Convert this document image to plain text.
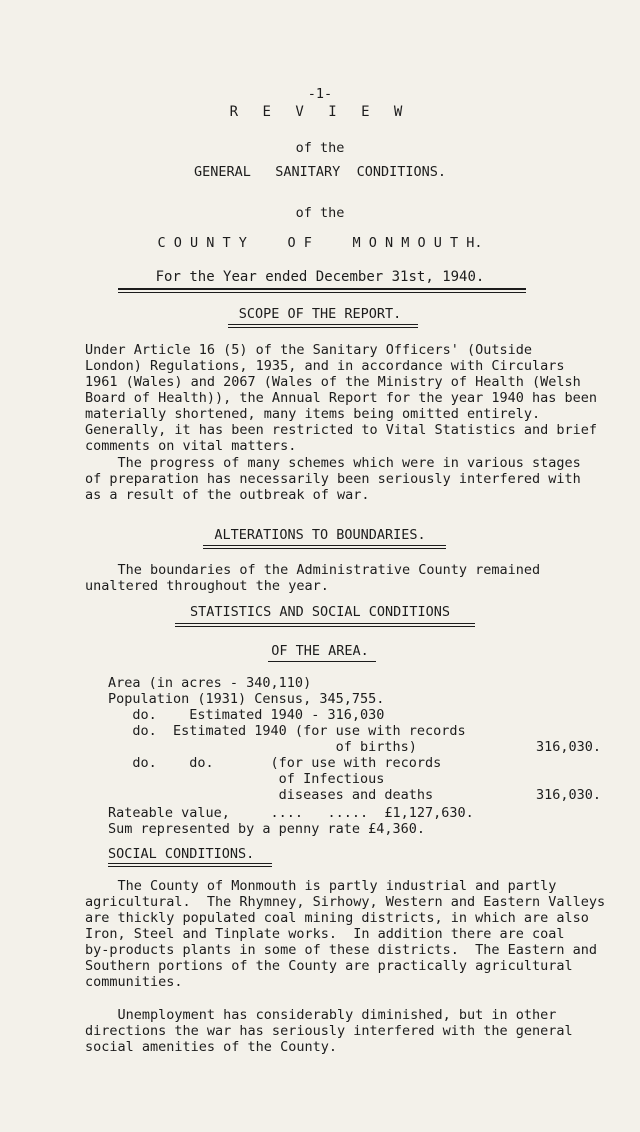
-1-
R E V I E W
of the
GENERAL   SANITARY  CONDITIONS.
of the
C O U N T Y     O F     M O N M O U T H.
For the Year ended December 31st, 1940.
SCOPE OF THE REPORT.
Under Article 16 (5) of the Sanitary Officers' (Outside
London) Regulations, 1935, and in accordance with Circulars
1961 (Wales) and 2067 (Wales of the Ministry of Health (Welsh
Board of Health)), the Annual Report for the year 1940 has been
materially shortened, many items being omitted entirely.
Generally, it has been restricted to Vital Statistics and brief
comments on vital matters.
The progress of many schemes which were in various stages
of preparation has necessarily been seriously interfered with
as a result of the outbreak of war.
ALTERATIONS TO BOUNDARIES.
The boundaries of the Administrative County remained
unaltered throughout the year.
STATISTICS AND SOCIAL CONDITIONS
OF THE AREA.
Area (in acres - 340,110)
Population (1931) Census, 345,755.
do.    Estimated 1940 - 316,030
do.  Estimated 1940 (for use with records
of births)	316,030.
do.    do.       (for use with records
of Infectious
diseases and deaths	316,030.
Rateable value,     ....   .....  £1,127,630.
Sum represented by a penny rate £4,360.
SOCIAL CONDITIONS.
The County of Monmouth is partly industrial and partly
agricultural.  The Rhymney, Sirhowy, Western and Eastern Valleys
are thickly populated coal mining districts, in which are also
Iron, Steel and Tinplate works.  In addition there are coal
by-products plants in some of these districts.  The Eastern and
Southern portions of the County are practically agricultural
communities.
Unemployment has considerably diminished, but in other
directions the war has seriously interfered with the general
social amenities of the County.
